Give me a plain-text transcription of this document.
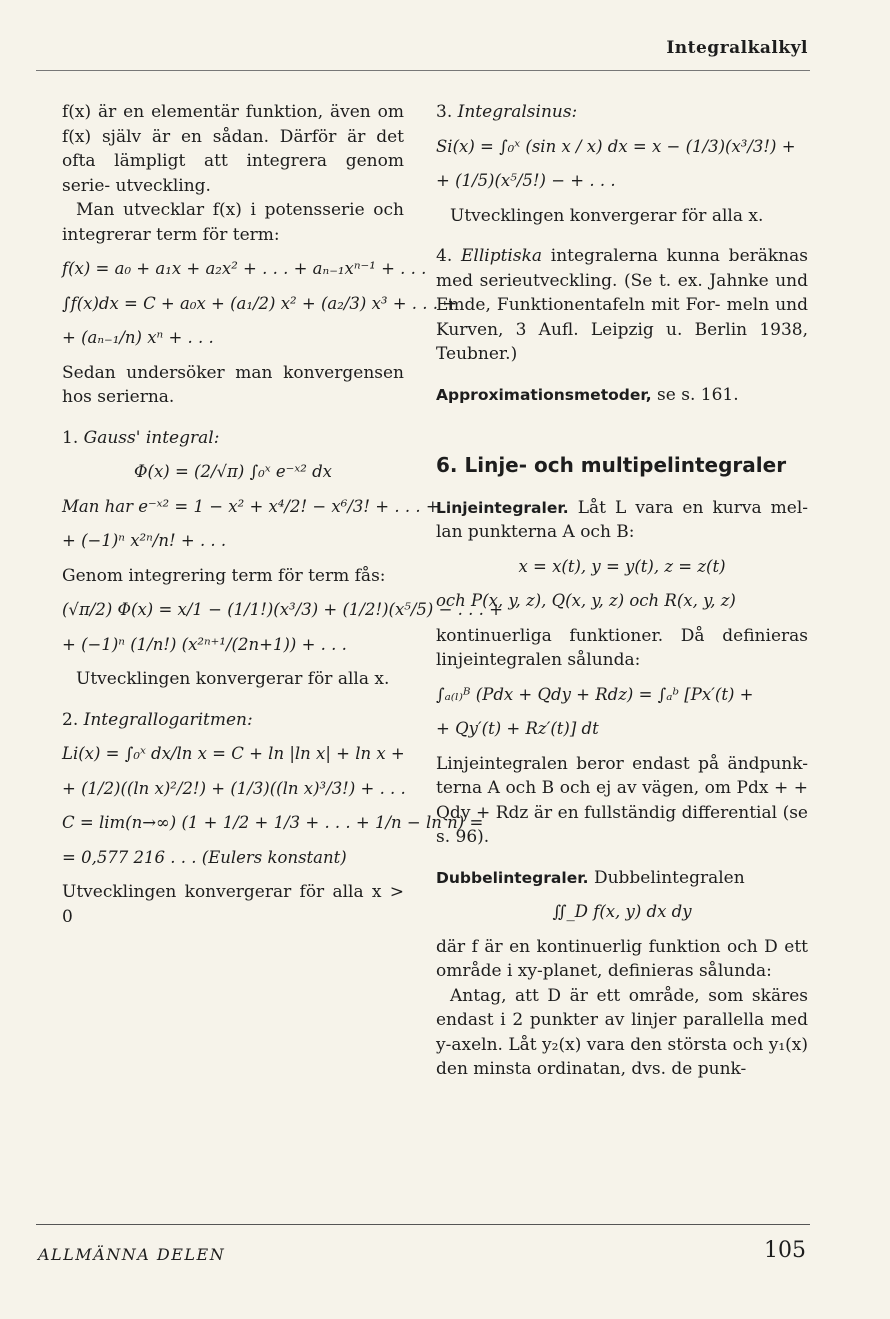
Integralkalkyl

f(x) är en elementär funktion, även om f(x) själv är en sådan. Därför är det ofta lämpligt att integrera genom serie- utveckling.

Man utvecklar f(x) i potensserie och integrerar term för term:

f(x) = a₀ + a₁x + a₂x² + . . . + aₙ₋₁xⁿ⁻¹ + . . .
∫f(x)dx = C + a₀x + (a₁/2) x² + (a₂/3) x³ + . . . +
+ (aₙ₋₁/n) xⁿ + . . .

Sedan undersöker man konvergensen hos serierna.

1. Gauss' integral:
Φ(x) = (2/√π) ∫₀ˣ e⁻ˣ² dx
Man har e⁻ˣ² = 1 − x² + x⁴/2! − x⁶/3! + . . . +
+ (−1)ⁿ x²ⁿ/n! + . . .

Genom integrering term för term fås:

(√π/2) Φ(x) = x/1 − (1/1!)(x³/3) + (1/2!)(x⁵/5) − . . . +
+ (−1)ⁿ (1/n!) (x²ⁿ⁺¹/(2n+1)) + . . .

Utvecklingen konvergerar för alla x.

2. Integrallogaritmen:
Li(x) = ∫₀ˣ dx/ln x = C + ln |ln x| + ln x +
+ (1/2)((ln x)²/2!) + (1/3)((ln x)³/3!) + . . .
C = lim(n→∞) (1 + 1/2 + 1/3 + . . . + 1/n − ln n) =
= 0,577 216 . . . (Eulers konstant)

Utvecklingen konvergerar för alla x > 0

3. Integralsinus:
Si(x) = ∫₀ˣ (sin x / x) dx = x − (1/3)(x³/3!) +
+ (1/5)(x⁵/5!) − + . . .

Utvecklingen konvergerar för alla x.

4. Elliptiska integralerna kunna beräknas med serieutveckling. (Se t. ex. Jahnke und Emde, Funktionentafeln mit For- meln und Kurven, 3 Aufl. Leipzig u. Berlin 1938, Teubner.)
Approximationsmetoder, se s. 161.
6. Linje- och multipelintegraler

Linjeintegraler. Låt L vara en kurva mel- lan punkterna A och B:

x = x(t), y = y(t), z = z(t)
och P(x, y, z), Q(x, y, z) och R(x, y, z)

kontinuerliga funktioner. Då definieras linjeintegralen sålunda:

∫ₐ₍ₗ₎ᴮ (Pdx + Qdy + Rdz) = ∫ₐᵇ [Px′(t) +
+ Qy′(t) + Rz′(t)] dt

Linjeintegralen beror endast på ändpunk- terna A och B och ej av vägen, om Pdx + + Qdy + Rdz är en fullständig differential (se s. 96).

Dubbelintegraler. Dubbelintegralen

∬_D f(x, y) dx dy

där f är en kontinuerlig funktion och D ett område i xy-planet, definieras sålunda:

Antag, att D är ett område, som skäres endast i 2 punkter av linjer parallella med y-axeln. Låt y₂(x) vara den största och y₁(x) den minsta ordinatan, dvs. de punk-

ALLMÄNNA DELEN	105
